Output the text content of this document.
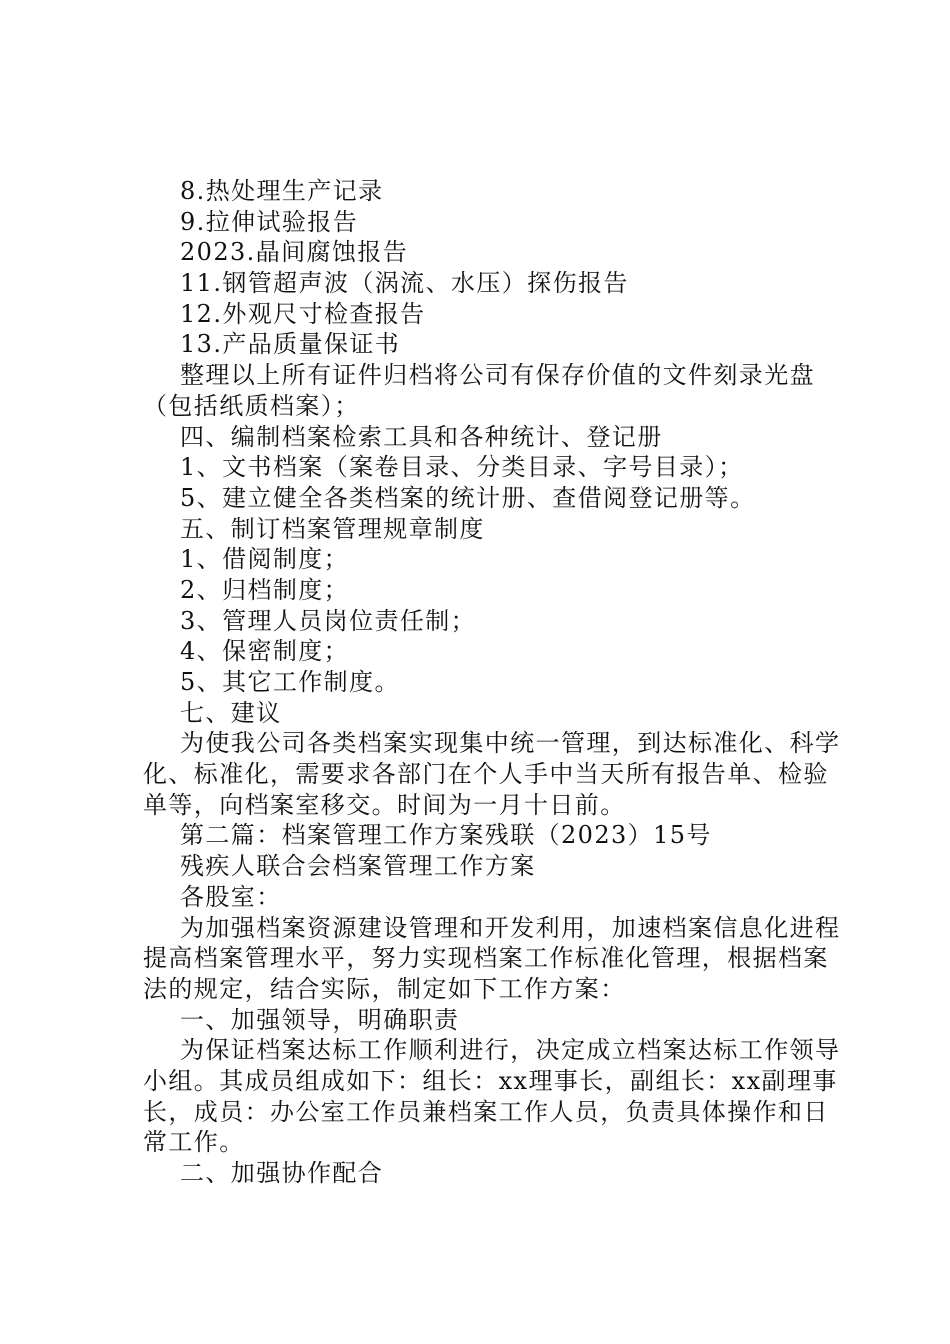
8.热处理生产记录
9.拉伸试验报告
2023.晶间腐蚀报告
11.钢管超声波（涡流、水压）探伤报告
12.外观尺寸检查报告
13.产品质量保证书
整理以上所有证件归档将公司有保存价值的文件刻录光盘
（包括纸质档案）；
四、编制档案检索工具和各种统计、登记册
1、文书档案（案卷目录、分类目录、字号目录）；
5、建立健全各类档案的统计册、查借阅登记册等。
五、制订档案管理规章制度
1、借阅制度；
2、归档制度；
3、管理人员岗位责任制；
4、保密制度；
5、其它工作制度。
七、建议
为使我公司各类档案实现集中统一管理，到达标准化、科学
化、标准化，需要求各部门在个人手中当天所有报告单、检验
单等，向档案室移交。时间为一月十日前。
第二篇：档案管理工作方案残联（2023）15号
残疾人联合会档案管理工作方案
各股室：
为加强档案资源建设管理和开发利用，加速档案信息化进程
提高档案管理水平，努力实现档案工作标准化管理，根据档案
法的规定，结合实际，制定如下工作方案：
一、加强领导，明确职责
为保证档案达标工作顺利进行，决定成立档案达标工作领导
小组。其成员组成如下：组长：xx理事长，副组长：xx副理事
长，成员：办公室工作员兼档案工作人员，负责具体操作和日
常工作。
二、加强协作配合
